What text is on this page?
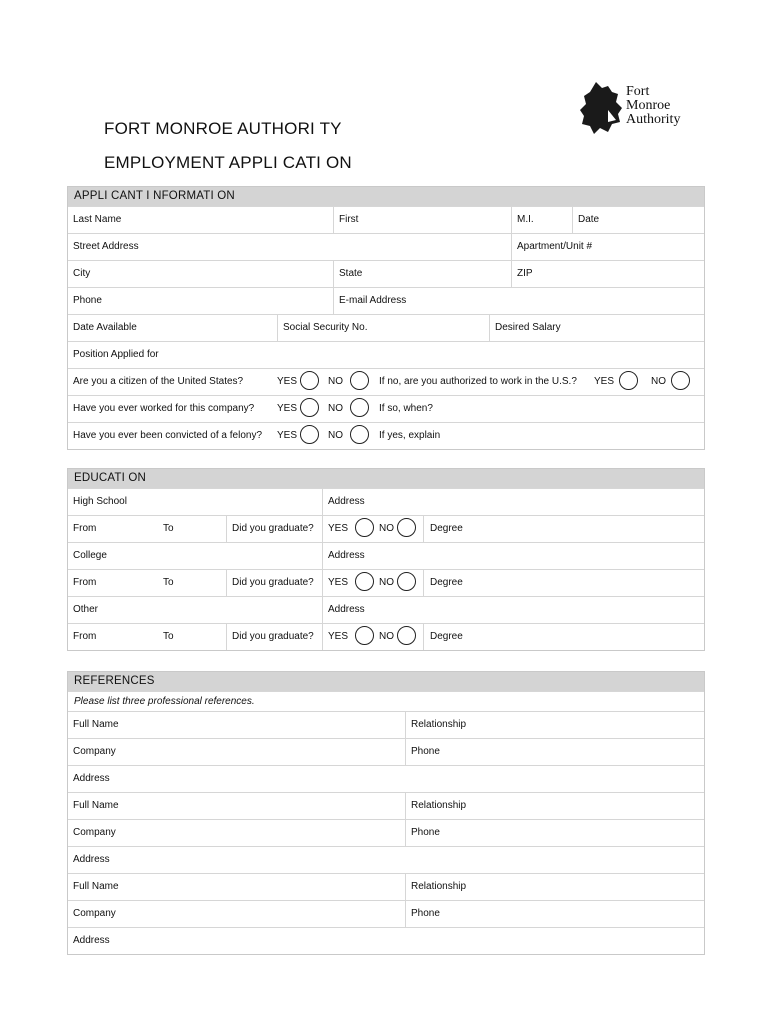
FORT MONROE AUTHORI TY
EMPLOYMENT APPLI CATI ON
Fort
Monroe
Authority
APPLI CANT I NFORMATI ON
Last Name	First	M.I.	Date
Street Address	Apartment/Unit #
City	State	ZIP
Phone	E-mail Address
Date Available	Social Security No.	Desired Salary
Position Applied for
Are you a citizen of the United States?	YES	NO	If no, are you authorized to work in the U.S.? YES	NO
Have you ever worked for this company? YES	NO	If so, when?
Have you ever been convicted of a felony? YES	NO	If yes, explain
EDUCATI ON
High School	Address
From	To	Did you graduate? YES	NO	Degree
College	Address
From	To	Did you graduate? YES	NO	Degree
Other	Address
From	To	Did you graduate? YES	NO	Degree
REFERENCES
Please list three professional references.
Full Name	Relationship
Company	Phone
Address
Full Name	Relationship
Company	Phone
Address
Full Name	Relationship
Company	Phone
Address
